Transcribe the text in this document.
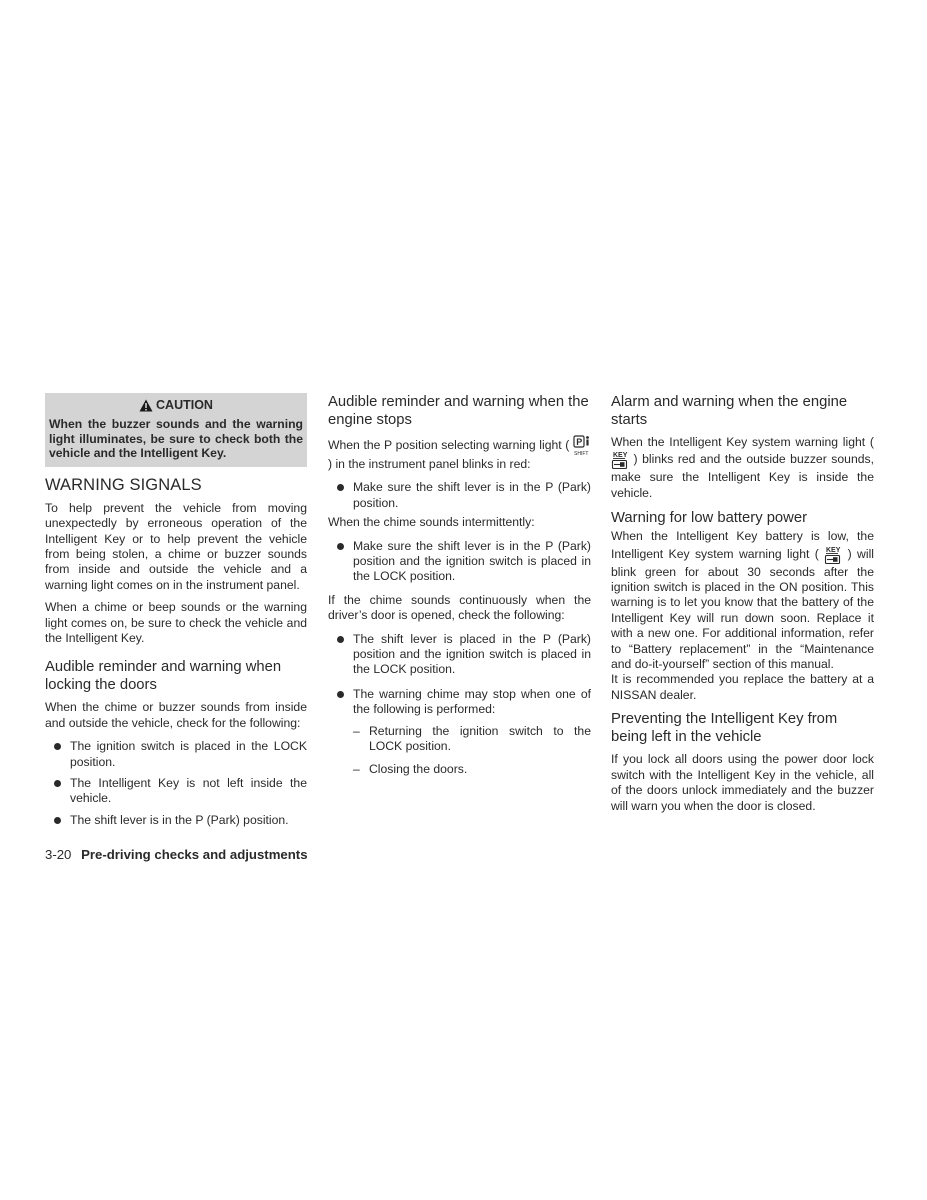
CAUTION
When the buzzer sounds and the warning light illuminates, be sure to check both the vehicle and the Intelligent Key.
WARNING SIGNALS

To help prevent the vehicle from moving unexpectedly by erroneous operation of the Intelligent Key or to help prevent the vehicle from being stolen, a chime or buzzer sounds from inside and outside the vehicle and a warning light comes on in the instrument panel.

When a chime or beep sounds or the warning light comes on, be sure to check the vehicle and the Intelligent Key.

Audible reminder and warning when locking the doors

When the chime or buzzer sounds from inside and outside the vehicle, check for the following:

The ignition switch is placed in the LOCK position.
The Intelligent Key is not left inside the vehicle.
The shift lever is in the P (Park) position.
Audible reminder and warning when the engine stops

When the P position selecting warning light ( P
SHIFT
) in the instrument panel blinks in red:

Make sure the shift lever is in the P (Park) position.

When the chime sounds intermittently:

Make sure the shift lever is in the P (Park) position and the ignition switch is placed in the LOCK position.

If the chime sounds continuously when the driver’s door is opened, check the following:

The shift lever is placed in the P (Park) position and the ignition switch is placed in the LOCK position.
The warning chime may stop when one of the following is performed:
– Returning the ignition switch to the LOCK position.
– Closing the doors.
Alarm and warning when the engine starts

When the Intelligent Key system warning light (
KEY ) blinks red and the outside buzzer sounds, make sure the Intelligent Key is inside the vehicle.

Warning for low battery power

When the Intelligent Key battery is low, the Intelligent Key system warning light ( KEY ) will blink green for about 30 seconds after the ignition switch is placed in the ON position. This warning is to let you know that the battery of the Intelligent Key will run down soon. Replace it with a new one. For additional information, refer to “Battery replacement” in the “Maintenance and do-it-yourself” section of this manual.

It is recommended you replace the battery at a NISSAN dealer.

Preventing the Intelligent Key from being left in the vehicle

If you lock all doors using the power door lock switch with the Intelligent Key in the vehicle, all of the doors unlock immediately and the buzzer will warn you when the door is closed.

3-20 Pre-driving checks and adjustments
